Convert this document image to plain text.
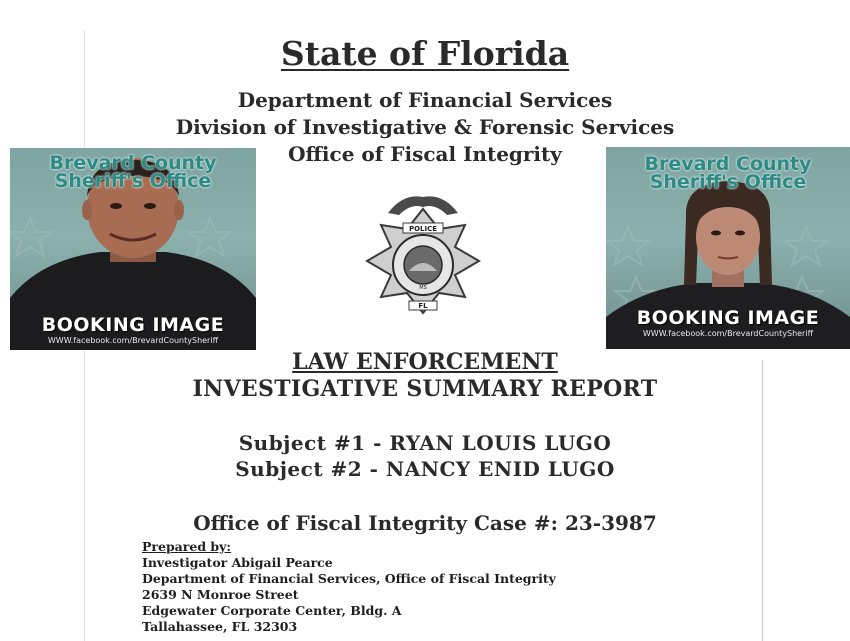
State of Florida
Department of Financial Services
Division of Investigative & Forensic Services
Office of Fiscal Integrity
Brevard County
Sheriff's Office
BOOKING IMAGE
WWW.facebook.com/BrevardCountySheriff
POLICE
MS
FL
Brevard County
Sheriff's Office
BOOKING IMAGE
WWW.facebook.com/BrevardCountySheriff
LAW ENFORCEMENT
INVESTIGATIVE SUMMARY REPORT
Subject #1 - RYAN LOUIS LUGO
Subject #2 - NANCY ENID LUGO
Office of Fiscal Integrity Case #: 23-3987
Prepared by:
Investigator Abigail Pearce
Department of Financial Services, Office of Fiscal Integrity
2639 N Monroe Street
Edgewater Corporate Center, Bldg. A
Tallahassee, FL 32303
